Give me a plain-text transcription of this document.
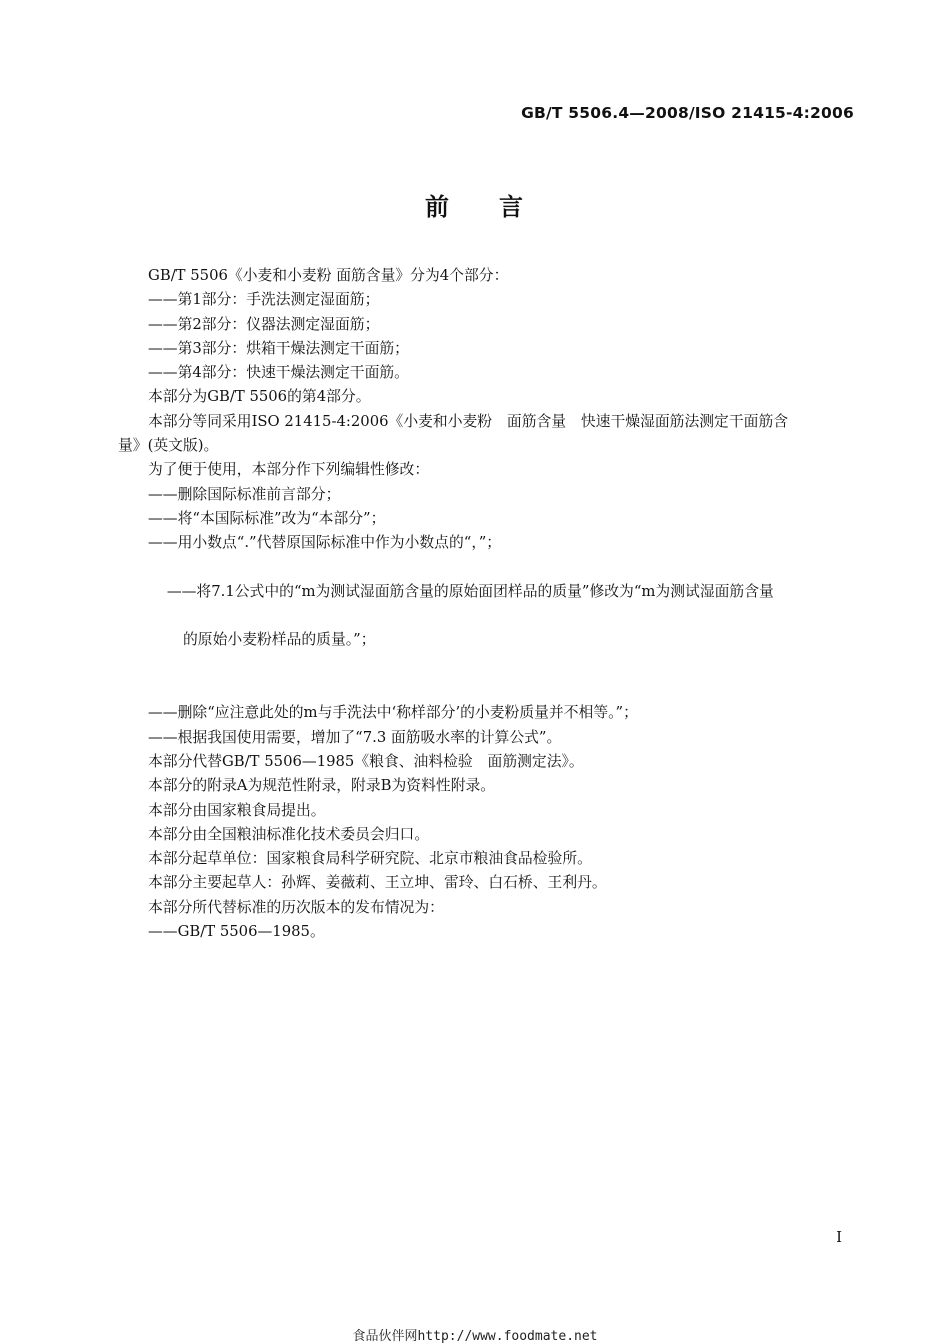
GB/T 5506.4—2008/ISO 21415-4:2006
前 言

GB/T 5506《小麦和小麦粉 面筋含量》分为4个部分：

——第1部分：手洗法测定湿面筋；

——第2部分：仪器法测定湿面筋；

——第3部分：烘箱干燥法测定干面筋；

——第4部分：快速干燥法测定干面筋。

本部分为GB/T 5506的第4部分。

本部分等同采用ISO 21415-4:2006《小麦和小麦粉　面筋含量　快速干燥湿面筋法测定干面筋含

量》(英文版)。

为了便于使用，本部分作下列编辑性修改：

——删除国际标准前言部分；

——将“本国际标准”改为“本部分”；

——用小数点“.”代替原国际标准中作为小数点的“，”；

——将7.1公式中的“m为测试湿面筋含量的原始面团样品的质量”修改为“m为测试湿面筋含量

的原始小麦粉样品的质量。”；

——删除“应注意此处的m与手洗法中‘称样部分’的小麦粉质量并不相等。”；

——根据我国使用需要，增加了“7.3 面筋吸水率的计算公式”。

本部分代替GB/T 5506—1985《粮食、油料检验　面筋测定法》。

本部分的附录A为规范性附录，附录B为资料性附录。

本部分由国家粮食局提出。

本部分由全国粮油标准化技术委员会归口。

本部分起草单位：国家粮食局科学研究院、北京市粮油食品检验所。

本部分主要起草人：孙辉、姜薇莉、王立坤、雷玲、白石桥、王利丹。

本部分所代替标准的历次版本的发布情况为：

——GB/T 5506—1985。

I
食品伙伴网http://www.foodmate.net
